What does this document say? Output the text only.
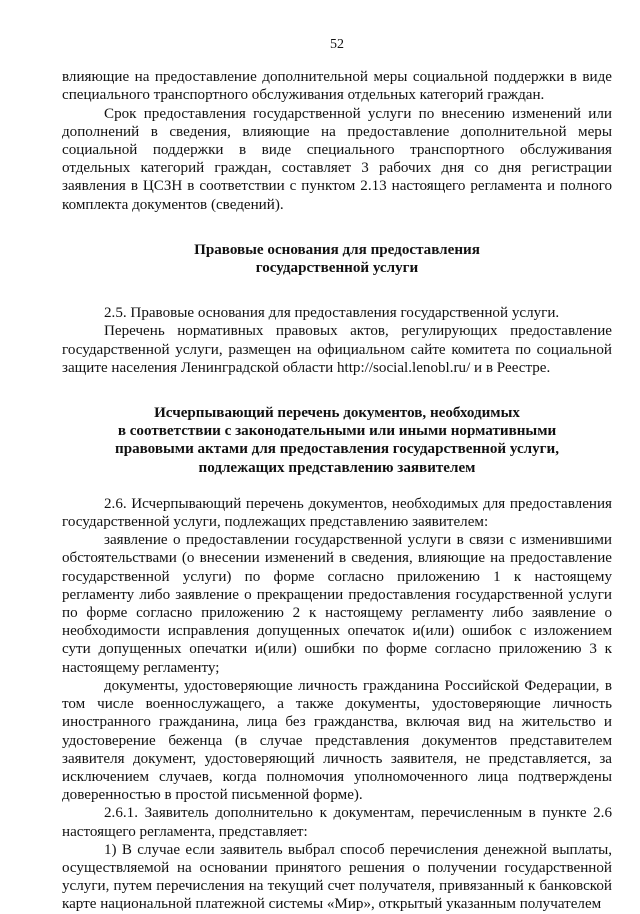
52

влияющие на предоставление дополнительной меры социальной поддержки в виде специального транспортного обслуживания отдельных категорий граждан.

Срок предоставления государственной услуги по внесению изменений или дополнений в сведения, влияющие на предоставление дополнительной меры социальной поддержки в виде специального транспортного обслуживания отдельных категорий граждан, составляет 3 рабочих дня со дня регистрации заявления в ЦСЗН в соответствии с пунктом 2.13 настоящего регламента и полного комплекта документов (сведений).

Правовые основания для предоставления
государственной услуги

2.5. Правовые основания для предоставления государственной услуги.

Перечень нормативных правовых актов, регулирующих предоставление государственной услуги, размещен на официальном сайте комитета по социальной защите населения Ленинградской области http://social.lenobl.ru/ и в Реестре.

Исчерпывающий перечень документов, необходимых
в соответствии с законодательными или иными нормативными
правовыми актами для предоставления государственной услуги,
подлежащих представлению заявителем

2.6. Исчерпывающий перечень документов, необходимых для предоставления государственной услуги, подлежащих представлению заявителем:

заявление о предоставлении государственной услуги в связи с изменившими обстоятельствами (о внесении изменений в сведения, влияющие на предоставление государственной услуги) по форме согласно приложению 1 к настоящему регламенту либо заявление о прекращении предоставления государственной услуги по форме согласно приложению 2 к настоящему регламенту либо заявление о необходимости исправления допущенных опечаток и(или) ошибок с изложением сути допущенных опечатки и(или) ошибки по форме согласно приложению 3 к настоящему регламенту;

документы, удостоверяющие личность гражданина Российской Федерации, в том числе военнослужащего, а также документы, удостоверяющие личность иностранного гражданина, лица без гражданства, включая вид на жительство и удостоверение беженца (в случае представления документов представителем заявителя документ, удостоверяющий личность заявителя, не представляется, за исключением случаев, когда полномочия уполномоченного лица подтверждены доверенностью в простой письменной форме).

2.6.1. Заявитель дополнительно к документам, перечисленным в пункте 2.6 настоящего регламента, представляет:

1) В случае если заявитель выбрал способ перечисления денежной выплаты, осуществляемой на основании принятого решения о получении государственной услуги, путем перечисления на текущий счет получателя, привязанный к банковской карте национальной платежной системы «Мир», открытый указанным получателем
